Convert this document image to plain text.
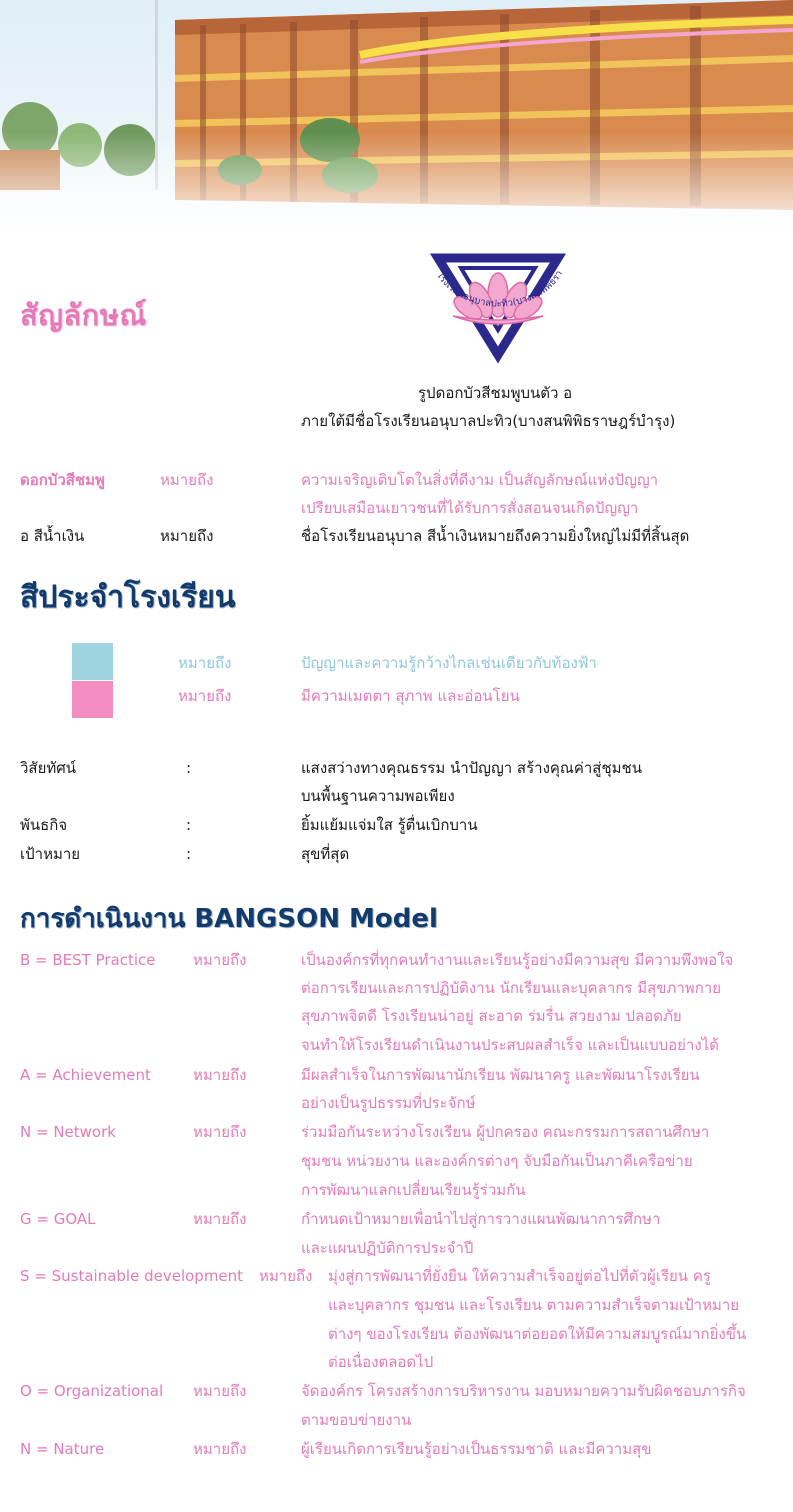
สัญลักษณ์
โรงเรียนอนุบาลปะทิว(บางสนพิพิธรา
รูปดอกบัวสีชมพูบนตัว อ
ภายใต้มีชื่อโรงเรียนอนุบาลปะทิว(บางสนพิพิธราษฎร์บำรุง)
ดอกบัวสีชมพู	หมายถึง	ความเจริญเติบโตในสิ่งที่ดีงาม เป็นสัญลักษณ์แห่งปัญญา
เปรียบเสมือนเยาวชนที่ได้รับการสั่งสอนจนเกิดปัญญา
อ สีน้ำเงิน	หมายถึง	ชื่อโรงเรียนอนุบาล สีน้ำเงินหมายถึงความยิ่งใหญ่ไม่มีที่สิ้นสุด
สีประจำโรงเรียน
หมายถึง	ปัญญาและความรู้กว้างไกลเช่นเดียวกับท้องฟ้า
หมายถึง	มีความเมตตา สุภาพ และอ่อนโยน
วิสัยทัศน์	:	แสงสว่างทางคุณธรรม นำปัญญา สร้างคุณค่าสู่ชุมชน
บนพื้นฐานความพอเพียง
พันธกิจ	:	ยิ้มแย้มแจ่มใส รู้ตื่นเบิกบาน
เป้าหมาย	:	สุขที่สุด
การดำเนินงาน BANGSON Model
B = BEST Practice หมายถึง	เป็นองค์กรที่ทุกคนทำงานและเรียนรู้อย่างมีความสุข มีความพึงพอใจ
ต่อการเรียนและการปฏิบัติงาน นักเรียนและบุคลากร มีสุขภาพกาย
สุขภาพจิตดี โรงเรียนน่าอยู่ สะอาด ร่มรื่น สวยงาม ปลอดภัย
จนทำให้โรงเรียนดำเนินงานประสบผลสำเร็จ และเป็นแบบอย่างได้
A = Achievement	หมายถึง	มีผลสำเร็จในการพัฒนานักเรียน พัฒนาครู และพัฒนาโรงเรียน
อย่างเป็นรูปธรรมที่ประจักษ์
N = Network	หมายถึง	ร่วมมือกันระหว่างโรงเรียน ผู้ปกครอง คณะกรรมการสถานศึกษา
ชุมชน หน่วยงาน และองค์กรต่างๆ จับมือกันเป็นภาคีเครือข่าย
การพัฒนาแลกเปลี่ยนเรียนรู้ร่วมกัน
G = GOAL	หมายถึง	กำหนดเป้าหมายเพื่อนำไปสู่การวางแผนพัฒนาการศึกษา
และแผนปฏิบัติการประจำปี
S = Sustainable development หมายถึง มุ่งสู่การพัฒนาที่ยั่งยืน ให้ความสำเร็จอยู่ต่อไปที่ตัวผู้เรียน ครู
และบุคลากร ชุมชน และโรงเรียน ตามความสำเร็จตามเป้าหมาย
ต่างๆ ของโรงเรียน ต้องพัฒนาต่อยอดให้มีความสมบูรณ์มากยิ่งขึ้น
ต่อเนื่องตลอดไป
O = Organizational หมายถึง	จัดองค์กร โครงสร้างการบริหารงาน มอบหมายความรับผิดชอบภารกิจ
ตามขอบข่ายงาน
N = Nature	หมายถึง	ผู้เรียนเกิดการเรียนรู้อย่างเป็นธรรมชาติ และมีความสุข
